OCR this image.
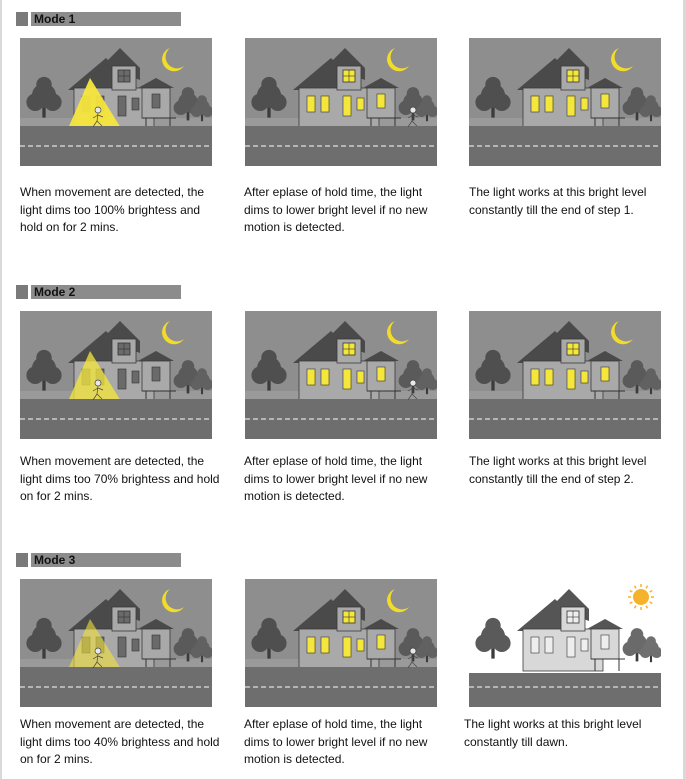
Mode 1
When movement are detected, the light dims too 100% brightess and hold on for 2 mins.
After eplase of hold time, the light dims to lower bright level if no new motion is detected.
The light works at this bright level constantly till the end of step 1.
Mode 2
When movement are detected, the light dims too 70% brightess and hold on for 2 mins.
After eplase of hold time, the light dims to lower bright level if no new motion is detected.
The light works at this bright level constantly till the end of step 2.
Mode 3
When movement are detected, the light dims too 40% brightess and hold on for 2 mins.
After eplase of hold time, the light dims to lower bright level if no new motion is detected.
The light works at this bright level constantly till dawn.
